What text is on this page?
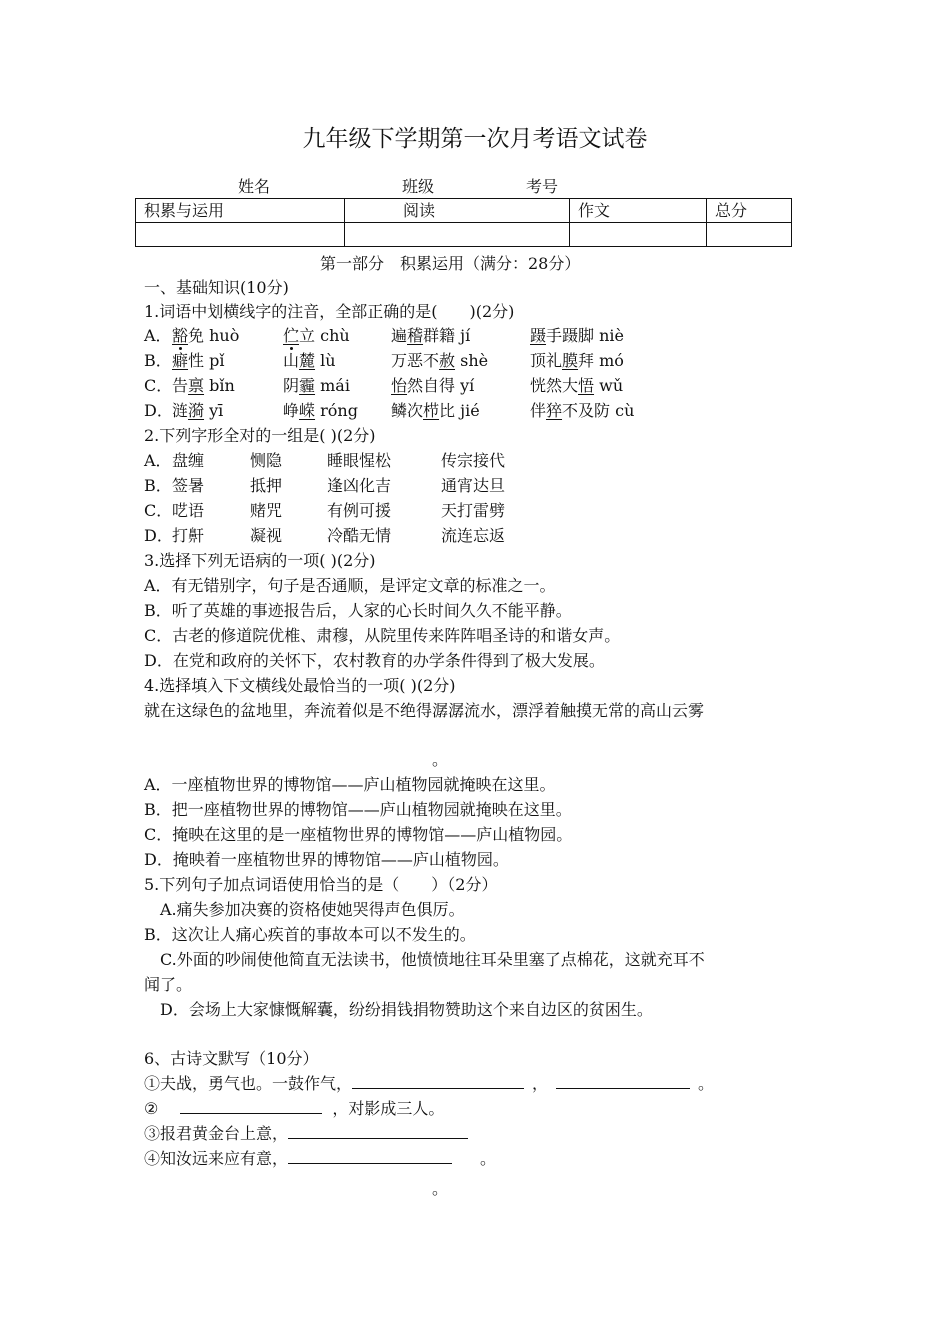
九年级下学期第一次月考语文试卷
姓名	班级	考号
积累与运用	阅读	作文	总分

第一部分　积累运用（满分：28分）
一、基础知识(10分)
1.词语中划横线字的注音，全部正确的是(　　)(2分)
A． 豁免 huò	伫立 chù	遍稽群籍 jí	蹑手蹑脚 niè
B． 癖性 pǐ	山麓 lù	万恶不赦 shè	顶礼膜拜 mó
C． 告禀 bǐn	阴霾 mái	怡然自得 yí	恍然大悟 wǔ
D． 涟漪 yī	峥嵘 róng 鳞次栉比 jié	伴猝不及防 cù
2.下列字形全对的一组是( )(2分)
A． 盘缠	恻隐	睡眼惺松	传宗接代
B． 签暑	抵押	逢凶化吉	通宵达旦
C． 呓语	赌咒	有例可援	天打雷劈
D． 打鼾	凝视	冷酷无情	流连忘返
3.选择下列无语病的一项( )(2分)
A．有无错别字，句子是否通顺，是评定文章的标准之一。
B．听了英雄的事迹报告后，人家的心长时间久久不能平静。
C．古老的修道院优椎、肃穆，从院里传来阵阵唱圣诗的和谐女声。
D．在党和政府的关怀下，农村教育的办学条件得到了极大发展。
4.选择填入下文横线处最恰当的一项( )(2分)
就在这绿色的盆地里，奔流着似是不绝得潺潺流水，漂浮着触摸无常的高山云雾
。
A．一座植物世界的博物馆——庐山植物园就掩映在这里。
B．把一座植物世界的博物馆——庐山植物园就掩映在这里。
C．掩映在这里的是一座植物世界的博物馆——庐山植物园。
D．掩映着一座植物世界的博物馆——庐山植物园。
5.下列句子加点词语使用恰当的是（　　）（2分）
A.痛失参加决赛的资格使她哭得声色俱厉。
B．这次让人痛心疾首的事故本可以不发生的。
C.外面的吵闹使他简直无法读书，他愤愤地往耳朵里塞了点棉花，这就充耳不
闻了。
D．会场上大家慷慨解囊，纷纷捐钱捐物赞助这个来自边区的贫困生。
6、古诗文默写（10分）
①夫战，勇气也。一鼓作气，	，	。
②	，对影成三人。
③报君黄金台上意，
④知汝远来应有意，	。
。
